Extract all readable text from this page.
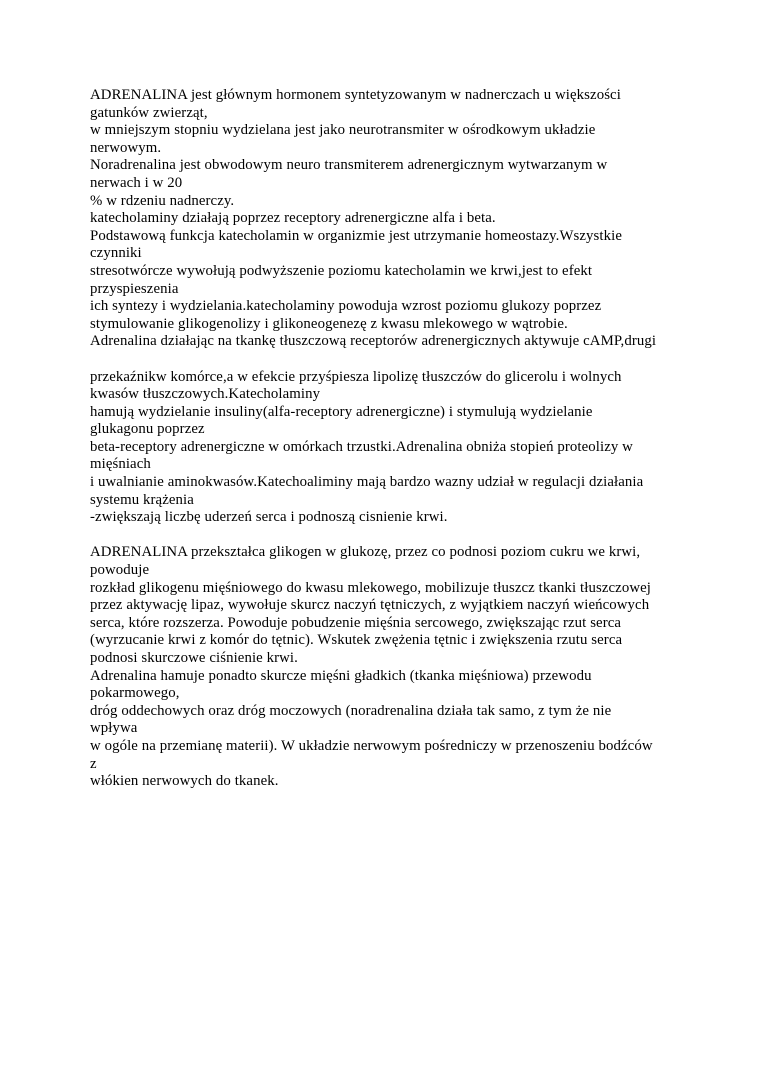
ADRENALINA jest głównym hormonem syntetyzowanym w nadnerczach u większości
gatunków zwierząt,
w mniejszym stopniu wydzielana jest jako neurotransmiter w ośrodkowym układzie
nerwowym.
Noradrenalina jest obwodowym neuro transmiterem adrenergicznym wytwarzanym w
nerwach i w 20
% w rdzeniu nadnerczy.
katecholaminy działają poprzez receptory adrenergiczne alfa i beta.
Podstawową funkcja katecholamin w organizmie jest utrzymanie homeostazy.Wszystkie
czynniki
stresotwórcze wywołują podwyższenie poziomu katecholamin we krwi,jest to efekt
przyspieszenia
ich syntezy i wydzielania.katecholaminy powoduja wzrost poziomu glukozy poprzez
stymulowanie glikogenolizy i glikoneogenezę z kwasu mlekowego w wątrobie.
Adrenalina działając na tkankę tłuszczową receptorów adrenergicznych aktywuje cAMP,drugi

przekaźnikw komórce,a w efekcie przyśpiesza lipolizę tłuszczów do glicerolu i wolnych
kwasów tłuszczowych.Katecholaminy
hamują wydzielanie insuliny(alfa-receptory adrenergiczne) i stymulują wydzielanie
glukagonu poprzez
beta-receptory adrenergiczne w omórkach trzustki.Adrenalina obniża stopień proteolizy w
mięśniach
i uwalnianie aminokwasów.Katechoaliminy mają bardzo wazny udział w regulacji działania
systemu krążenia
-zwiększają liczbę uderzeń serca i podnoszą cisnienie krwi.

ADRENALINA przekształca glikogen w glukozę, przez co podnosi poziom cukru we krwi,
powoduje
rozkład glikogenu mięśniowego do kwasu mlekowego, mobilizuje tłuszcz tkanki tłuszczowej
przez aktywację lipaz, wywołuje skurcz naczyń tętniczych, z wyjątkiem naczyń wieńcowych
serca, które rozszerza. Powoduje pobudzenie mięśnia sercowego, zwiększając rzut serca
(wyrzucanie krwi z komór do tętnic). Wskutek zwężenia tętnic i zwiększenia rzutu serca
podnosi skurczowe ciśnienie krwi.
Adrenalina hamuje ponadto skurcze mięśni gładkich (tkanka mięśniowa) przewodu
pokarmowego,
dróg oddechowych oraz dróg moczowych (noradrenalina działa tak samo, z tym że nie
wpływa
w ogóle na przemianę materii). W układzie nerwowym pośredniczy w przenoszeniu bodźców
z
włókien nerwowych do tkanek.
